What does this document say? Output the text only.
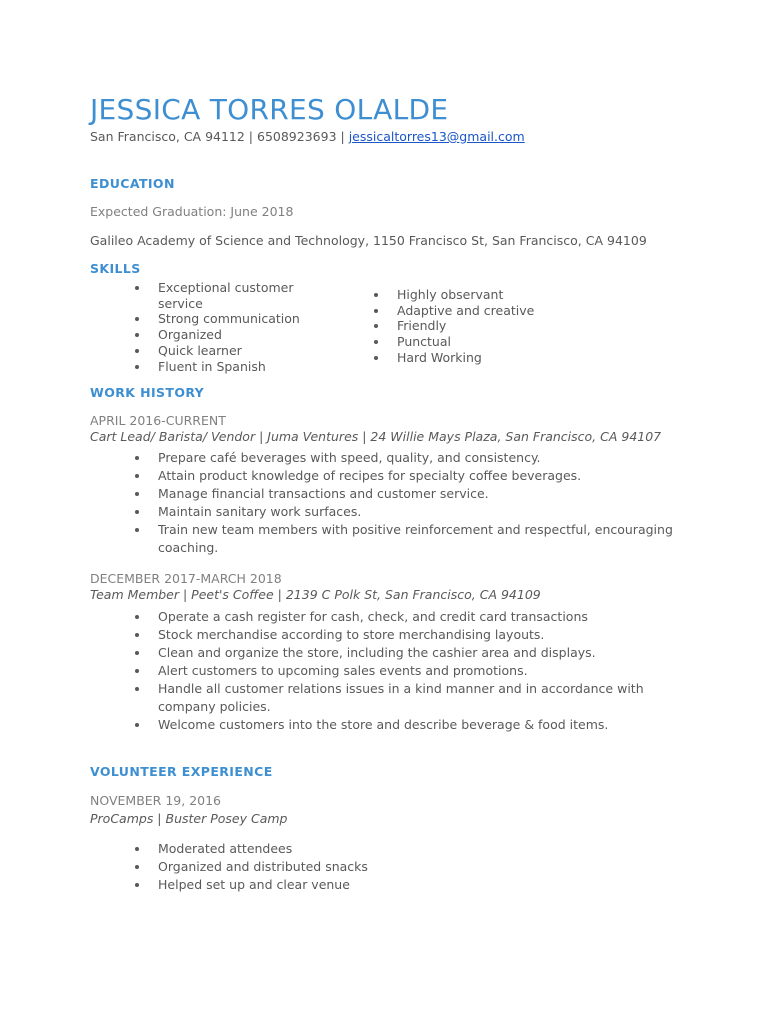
JESSICA TORRES OLALDE
San Francisco, CA 94112 | 6508923693 | jessicaltorres13@gmail.com
EDUCATION
Expected Graduation: June 2018
Galileo Academy of Science and Technology, 1150 Francisco St, San Francisco, CA 94109
SKILLS
Exceptional customer service
Strong communication
Organized
Quick learner
Fluent in Spanish
Highly observant
Adaptive and creative
Friendly
Punctual
Hard Working
WORK HISTORY
APRIL 2016-CURRENT
Cart Lead/ Barista/ Vendor | Juma Ventures | 24 Willie Mays Plaza, San Francisco, CA 94107
Prepare café beverages with speed, quality, and consistency.
Attain product knowledge of recipes for specialty coffee beverages.
Manage financial transactions and customer service.
Maintain sanitary work surfaces.
Train new team members with positive reinforcement and respectful, encouraging coaching.
DECEMBER 2017-MARCH 2018
Team Member | Peet's Coffee | 2139 C Polk St, San Francisco, CA 94109
Operate a cash register for cash, check, and credit card transactions
Stock merchandise according to store merchandising layouts.
Clean and organize the store, including the cashier area and displays.
Alert customers to upcoming sales events and promotions.
Handle all customer relations issues in a kind manner and in accordance with company policies.
Welcome customers into the store and describe beverage & food items.
VOLUNTEER EXPERIENCE
NOVEMBER 19, 2016
ProCamps | Buster Posey Camp
Moderated attendees
Organized and distributed snacks
Helped set up and clear venue
